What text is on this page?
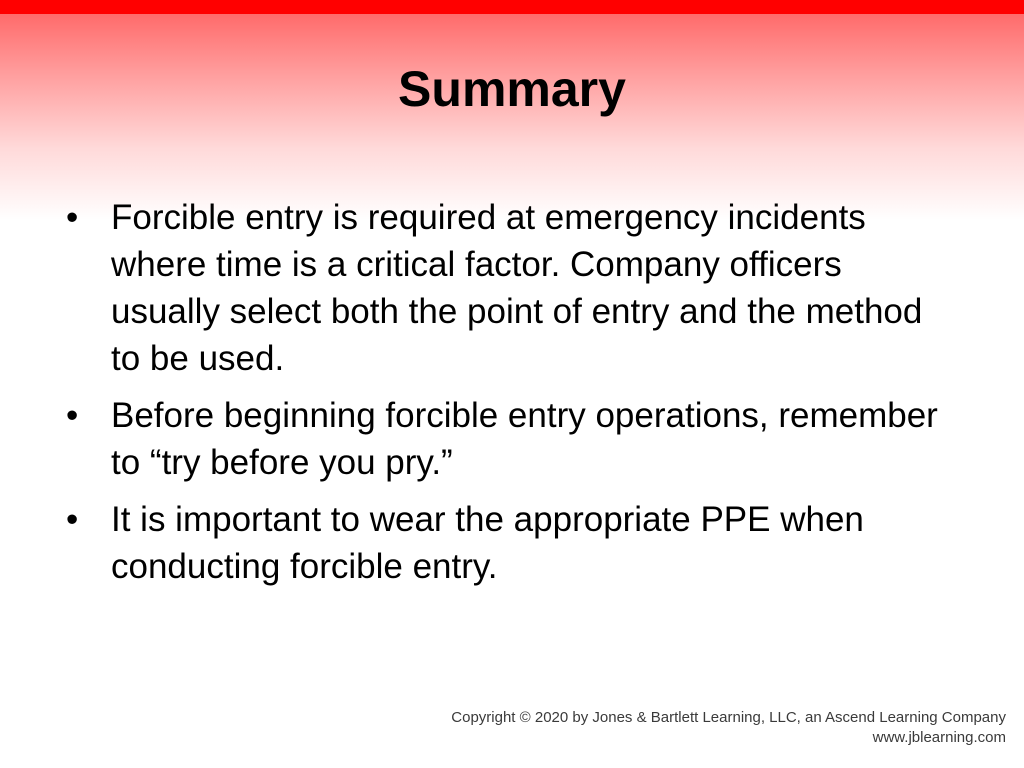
Summary
• Forcible entry is required at emergency incidents where time is a critical factor. Company officers usually select both the point of entry and the method to be used.
• Before beginning forcible entry operations, remember to “try before you pry.”
• It is important to wear the appropriate PPE when conducting forcible entry.
Copyright © 2020 by Jones & Bartlett Learning, LLC, an Ascend Learning Company
www.jblearning.com
